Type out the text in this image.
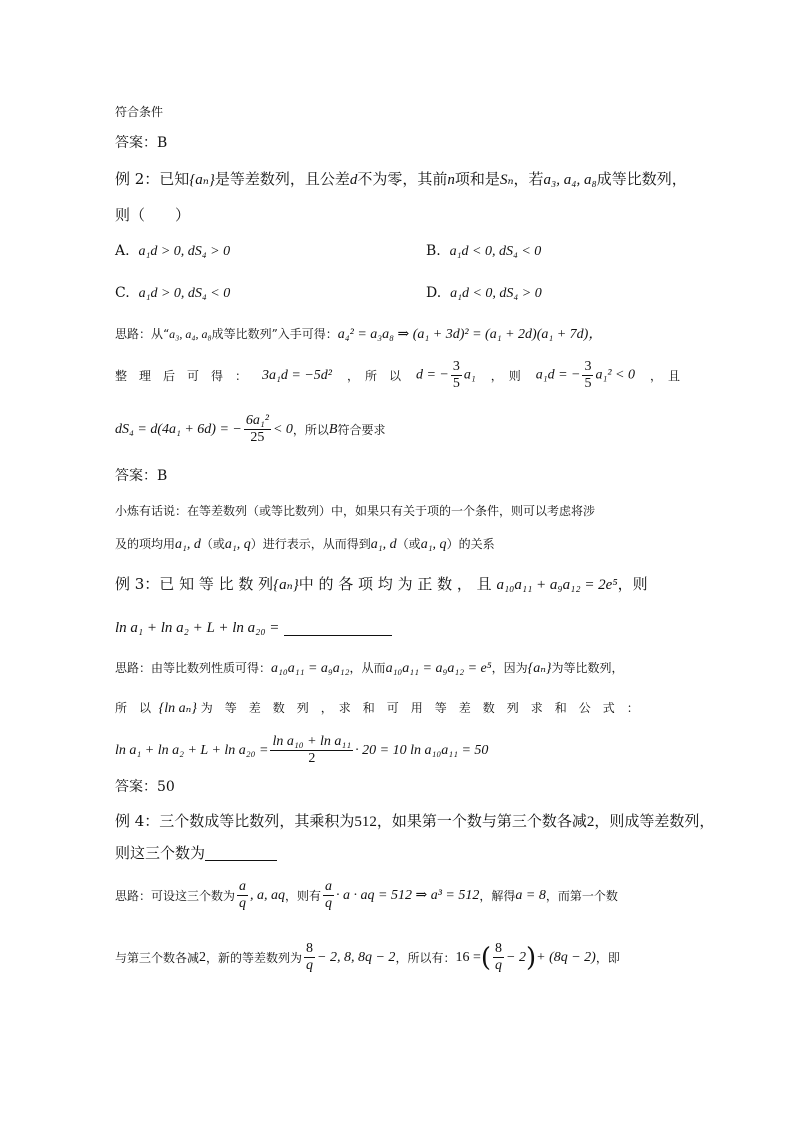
符合条件
答案：B
例 2：已知{aₙ}是等差数列，且公差d不为零，其前n项和是Sₙ，若a₃, a₄, a₈成等比数列，
则（　　）
A. a₁d > 0, dS₄ > 0	B. a₁d < 0, dS₄ < 0
C. a₁d > 0, dS₄ < 0	D. a₁d < 0, dS₄ > 0
思路：从“a₃, a₄, a₈成等比数列”入手可得：a₄² = a₃a₈ ⇒ (a₁ + 3d)² = (a₁ + 2d)(a₁ + 7d)，
整　理　后　可　得　： 3a₁d = −5d² ，　所　以 d = − $\frac{3}{5} a_1$ ，　则 a₁d = − $\frac{3}{5} a_1^2 < 0$ ，　且
dS₄ = d(4a₁ + 6d) = − $\frac{\text{6a₁²}}{25} < 0$ ，所以 B 符合要求
答案：B
小炼有话说：在等差数列（或等比数列）中，如果只有关于项的一个条件，则可以考虑将涉
及的项均用a₁, d（或a₁, q）进行表示，从而得到a₁, d（或a₁, q）的关系
例 3：已 知 等 比 数 列{aₙ}中 的 各 项 均 为 正 数 ， 且 a₁₀a₁₁ + a₉a₁₂ = 2e⁵，则
ln a₁ + ln a₂ + L + ln a₂₀ =
思路：由等比数列性质可得：a₁₀a₁₁ = a₉a₁₂，从而a₁₀a₁₁ = a₉a₁₂ = e⁵，因为{aₙ}为等比数列，
所　以 {ln aₙ} 为　等　差　数　列　，　求　和　可　用　等　差　数　列　求　和　公　式　：
$\ln a_1 + \ln a_2 + L + \ln a_{20} = \frac{\text{ln a₁₀ + ln a₁₁}}{2} \cdot 20 = 10$ ln a₁₀a₁₁ = 50
答案：50
例 4：三个数成等比数列，其乘积为512，如果第一个数与第三个数各减2，则成等差数列，
则这三个数为
思路：可设这三个数为 $\frac{a}{q}$ , a, aq ，则有 $\frac{a}{q} \cdot a$ · aq = 512 ⇒ a³ = 512 ，解得 a = 8 ，而第一个数
与第三个数各减 2 ，新的等差数列为 $\frac{8}{q} - 2$, 8, 8q − 2 ，所以有： 16 = ( $\frac{8}{q} - 2$ ) + (8q − 2) ，即
